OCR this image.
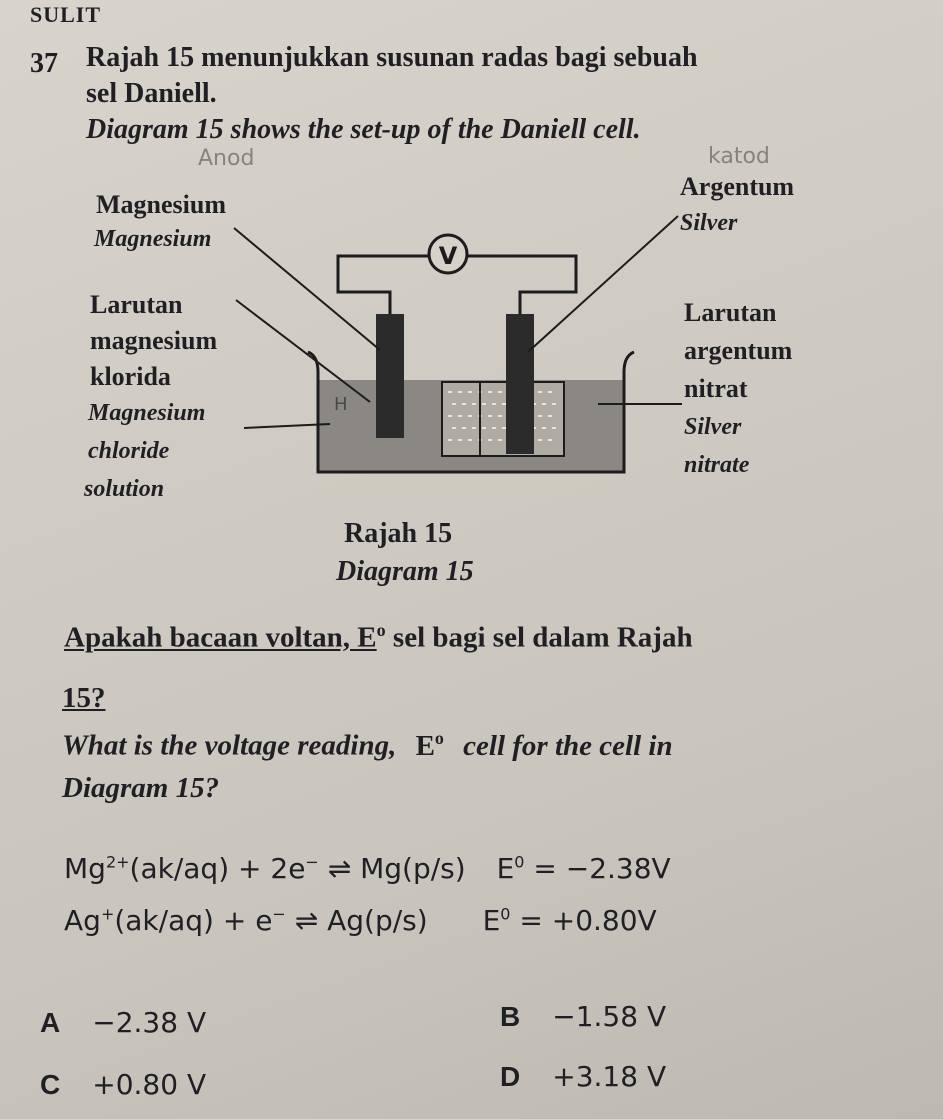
SULIT
37 Rajah 15 menunjukkan susunan radas bagi sebuah
sel Daniell.
Diagram 15 shows the set-up of the Daniell cell.
Anod	katod
Magnesium
Magnesium
Larutan
magnesium
klorida
Magnesium
chloride
solution
Argentum
Silver
Larutan
argentum
nitrat
Silver
nitrate
V
H
Rajah 15
Diagram 15
Apakah bacaan voltan, $E^o$ sel bagi sel dalam Rajah
15?
What is the voltage reading, $E^o$ cell for the cell in
Diagram 15?
$Mg^{2+}(ak/aq) + 2e^-$ ⇌ Mg(p/s) $E^0 = -2.38V$
Ag+(ak/aq) + e− ⇌ Ag(p/s) $E^0 = +0.80V$
A −2.38 V	B −1.58 V
C +0.80 V	D +3.18 V
